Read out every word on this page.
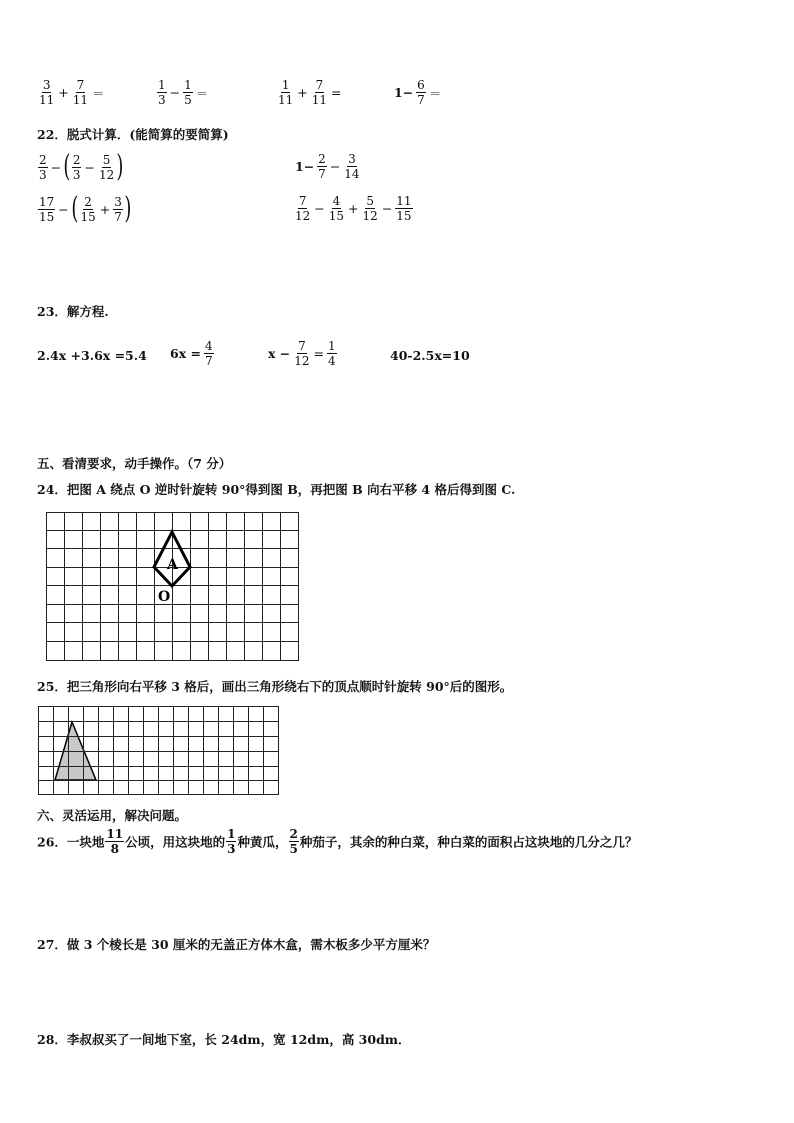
$\frac{3}{11} + \frac{7}{11}$ ＝	$\frac{1}{3} - \frac{1}{5}$ ＝	$\frac{1}{11} + \frac{7}{11}$ =	$1- \frac{6}{7}$ ＝
22．脱式计算．(能简算的要简算)
$\frac{2}{3}$ −( $\frac{2}{3} - \frac{5}{12}$ )	$1- \frac{2}{7} - \frac{3}{14}$
$\frac{17}{15}$ −( $\frac{2}{15} + \frac{3}{7}$ )	$\frac{7}{12} - \frac{4}{15} + \frac{5}{12} - \frac{11}{15}$
23．解方程.
2.4x +3.6x =5.4 $6x = \frac{4}{7}$	$x - \frac{7}{12} = \frac{1}{4}$	40-2.5x=10
五、看清要求，动手操作。（7 分）
24．把图 A 绕点 O 逆时针旋转 90°得到图 B，再把图 B 向右平移 4 格后得到图 C.
A
O
25．把三角形向右平移 3 格后，画出三角形绕右下的顶点顺时针旋转 90°后的图形。
六、灵活运用，解决问题。
26．一块地 $\frac{11}{8}$ 公顷，用这块地的 $\frac{1}{3}$ 种黄瓜， $\frac{2}{5}$ 种茄子，其余的种白菜，种白菜的面积占这块地的几分之几？
27．做 3 个棱长是 30 厘米的无盖正方体木盒，需木板多少平方厘米？
28．李叔叔买了一间地下室，长 24dm，宽 12dm，高 30dm．
